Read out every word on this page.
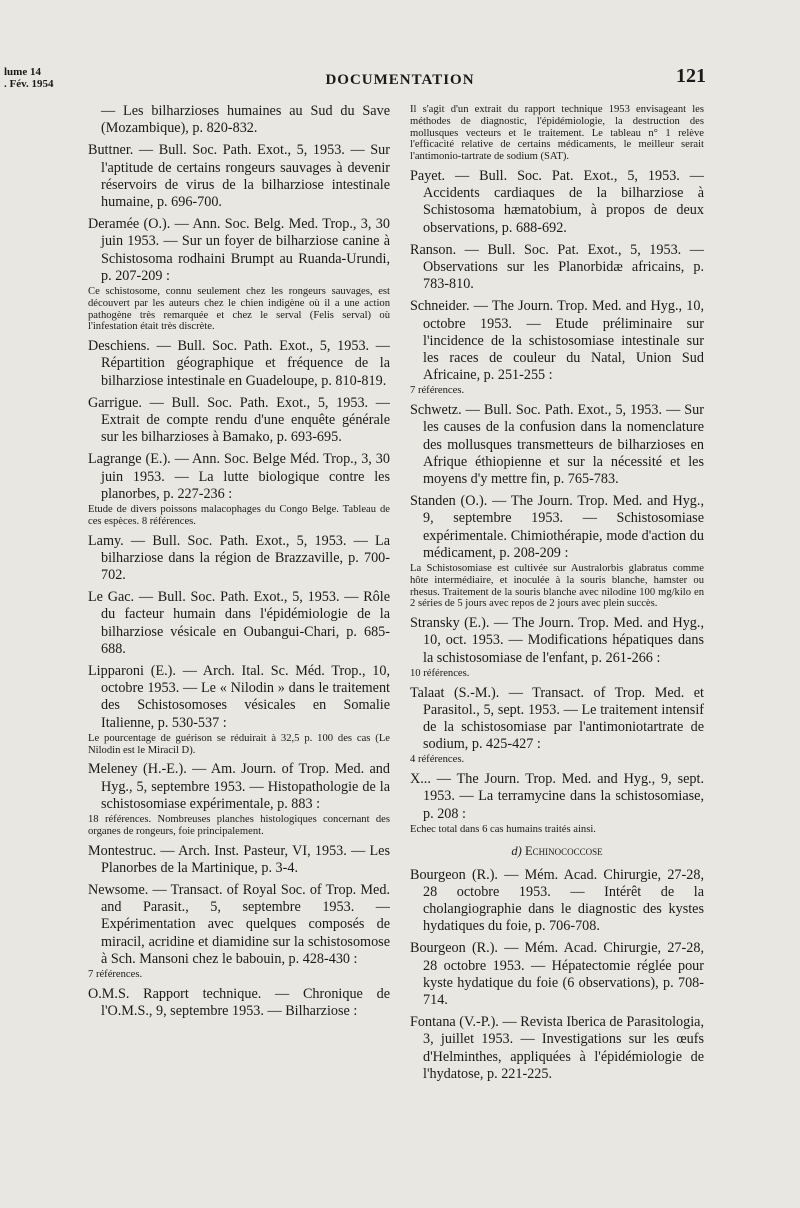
lume 14
. Fév. 1954	DOCUMENTATION	121
— Les bilharzioses humaines au Sud du Save (Mozambique), p. 820-832.
Buttner. — Bull. Soc. Path. Exot., 5, 1953. — Sur l'aptitude de certains rongeurs sauvages à devenir réservoirs de virus de la bilharziose intestinale humaine, p. 696-700.
Deramée (O.). — Ann. Soc. Belg. Med. Trop., 3, 30 juin 1953. — Sur un foyer de bilharziose canine à Schistosoma rodhaini Brumpt au Ruanda-Urundi, p. 207-209 :
Ce schistosome, connu seulement chez les rongeurs sauvages, est découvert par les auteurs chez le chien indigène où il a une action pathogène très remarquée et chez le serval (Felis serval) où l'infestation était très discrète.
Deschiens. — Bull. Soc. Path. Exot., 5, 1953. — Répartition géographique et fréquence de la bilharziose intestinale en Guadeloupe, p. 810-819.
Garrigue. — Bull. Soc. Path. Exot., 5, 1953. — Extrait de compte rendu d'une enquête générale sur les bilharzioses à Bamako, p. 693-695.
Lagrange (E.). — Ann. Soc. Belge Méd. Trop., 3, 30 juin 1953. — La lutte biologique contre les planorbes, p. 227-236 :
Etude de divers poissons malacophages du Congo Belge. Tableau de ces espèces. 8 références.
Lamy. — Bull. Soc. Path. Exot., 5, 1953. — La bilharziose dans la région de Brazzaville, p. 700-702.
Le Gac. — Bull. Soc. Path. Exot., 5, 1953. — Rôle du facteur humain dans l'épidémiologie de la bilharziose vésicale en Oubangui-Chari, p. 685-688.
Lipparoni (E.). — Arch. Ital. Sc. Méd. Trop., 10, octobre 1953. — Le « Nilodin » dans le traitement des Schistosomoses vésicales en Somalie Italienne, p. 530-537 :
Le pourcentage de guérison se réduirait à 32,5 p. 100 des cas (Le Nilodin est le Miracil D).
Meleney (H.-E.). — Am. Journ. of Trop. Med. and Hyg., 5, septembre 1953. — Histopathologie de la schistosomiase expérimentale, p. 883 :
18 références. Nombreuses planches histologiques concernant des organes de rongeurs, foie principalement.
Montestruc. — Arch. Inst. Pasteur, VI, 1953. — Les Planorbes de la Martinique, p. 3-4.
Newsome. — Transact. of Royal Soc. of Trop. Med. and Parasit., 5, septembre 1953. — Expérimentation avec quelques composés de miracil, acridine et diamidine sur la schistosomose à Sch. Mansoni chez le babouin, p. 428-430 :
7 références.
O.M.S. Rapport technique. — Chronique de l'O.M.S., 9, septembre 1953. — Bilharziose :
Il s'agit d'un extrait du rapport technique 1953 envisageant les méthodes de diagnostic, l'épidémiologie, la destruction des mollusques vecteurs et le traitement. Le tableau n° 1 relève l'efficacité relative de certains médicaments, le meilleur serait l'antimonio-tartrate de sodium (SAT).
Payet. — Bull. Soc. Pat. Exot., 5, 1953. — Accidents cardiaques de la bilharziose à Schistosoma hæmatobium, à propos de deux observations, p. 688-692.
Ranson. — Bull. Soc. Pat. Exot., 5, 1953. — Observations sur les Planorbidæ africains, p. 783-810.
Schneider. — The Journ. Trop. Med. and Hyg., 10, octobre 1953. — Etude préliminaire sur l'incidence de la schistosomiase intestinale sur les races de couleur du Natal, Union Sud Africaine, p. 251-255 :
7 références.
Schwetz. — Bull. Soc. Path. Exot., 5, 1953. — Sur les causes de la confusion dans la nomenclature des mollusques transmetteurs de bilharzioses en Afrique éthiopienne et sur la nécessité et les moyens d'y mettre fin, p. 765-783.
Standen (O.). — The Journ. Trop. Med. and Hyg., 9, septembre 1953. — Schistosomiase expérimentale. Chimiothérapie, mode d'action du médicament, p. 208-209 :
La Schistosomiase est cultivée sur Australorbis glabratus comme hôte intermédiaire, et inoculée à la souris blanche, hamster ou rhesus. Traitement de la souris blanche avec nilodine 100 mg/kilo en 2 séries de 5 jours avec repos de 2 jours avec plein succès.
Stransky (E.). — The Journ. Trop. Med. and Hyg., 10, oct. 1953. — Modifications hépatiques dans la schistosomiase de l'enfant, p. 261-266 :
10 références.
Talaat (S.-M.). — Transact. of Trop. Med. et Parasitol., 5, sept. 1953. — Le traitement intensif de la schistosomiase par l'antimoniotartrate de sodium, p. 425-427 :
4 références.
X... — The Journ. Trop. Med. and Hyg., 9, sept. 1953. — La terramycine dans la schistosomiase, p. 208 :
Echec total dans 6 cas humains traités ainsi.
d) Echinococcose
Bourgeon (R.). — Mém. Acad. Chirurgie, 27-28, 28 octobre 1953. — Intérêt de la cholangiographie dans le diagnostic des kystes hydatiques du foie, p. 706-708.
Bourgeon (R.). — Mém. Acad. Chirurgie, 27-28, 28 octobre 1953. — Hépatectomie réglée pour kyste hydatique du foie (6 observations), p. 708-714.
Fontana (V.-P.). — Revista Iberica de Parasitologia, 3, juillet 1953. — Investigations sur les œufs d'Helminthes, appliquées à l'épidémiologie de l'hydatose, p. 221-225.
